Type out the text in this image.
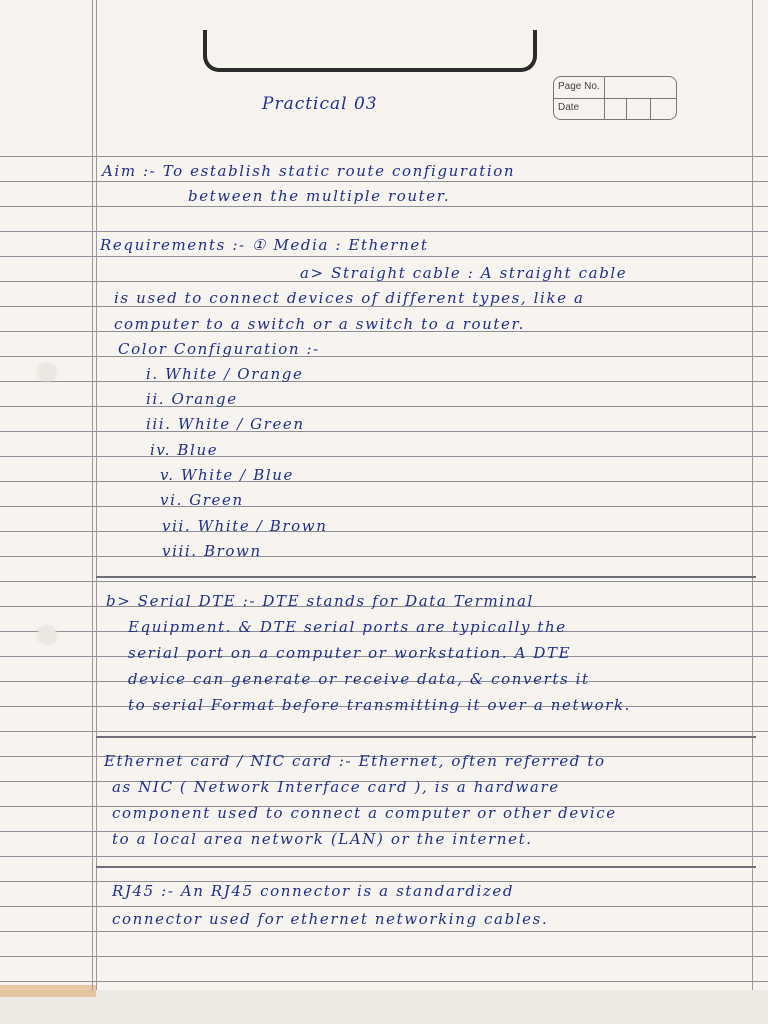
Page No.
Date
Practical 03
Aim :- To establish static route configuration
between the multiple router.
Requirements :- ① Media : Ethernet
a> Straight cable : A straight cable
is used to connect devices of different types, like a
computer to a switch or a switch to a router.
Color Configuration :-
i. White / Orange
ii. Orange
iii. White / Green
iv. Blue
v. White / Blue
vi. Green
vii. White / Brown
viii. Brown
b> Serial DTE :- DTE stands for Data Terminal
Equipment. & DTE serial ports are typically the
serial port on a computer or workstation. A DTE
device can generate or receive data, & converts it
to serial Format before transmitting it over a network.
Ethernet card / NIC card :- Ethernet, often referred to
as NIC ( Network Interface card ), is a hardware
component used to connect a computer or other device
to a local area network (LAN) or the internet.
RJ45 :- An RJ45 connector is a standardized
connector used for ethernet networking cables.
